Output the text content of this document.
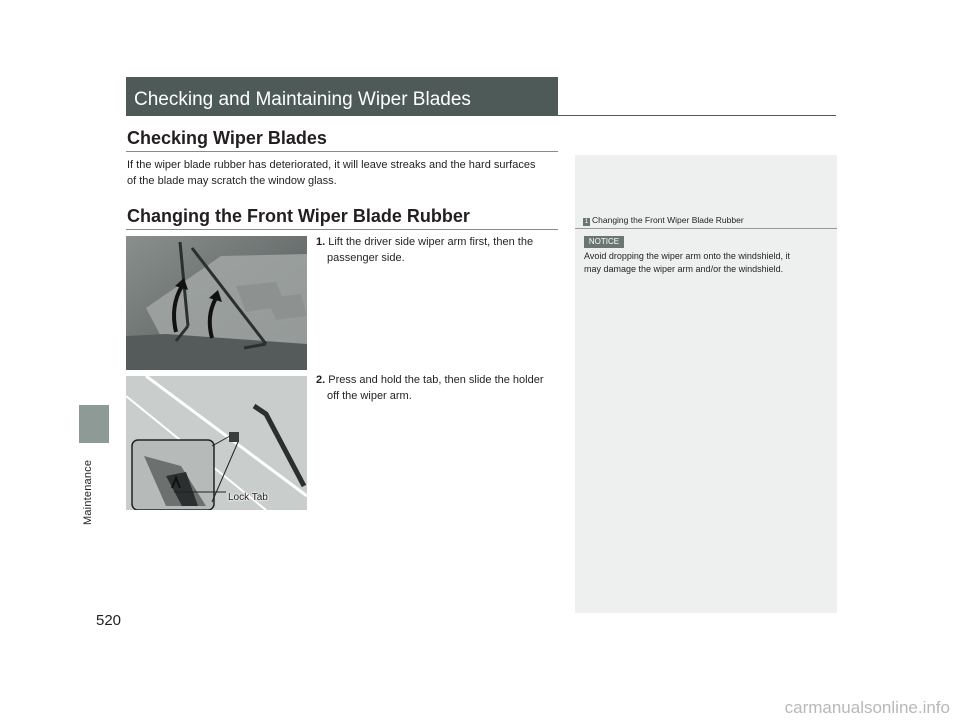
Maintenance
520
Checking and Maintaining Wiper Blades
Checking Wiper Blades
If the wiper blade rubber has deteriorated, it will leave streaks and the hard surfaces
of the blade may scratch the window glass.
Changing the Front Wiper Blade Rubber
1. Lift the driver side wiper arm first, then the
passenger side.
2. Press and hold the tab, then slide the holder
off the wiper arm.
Lock Tab
1 Changing the Front Wiper Blade Rubber
NOTICE
Avoid dropping the wiper arm onto the windshield, it
may damage the wiper arm and/or the windshield.
carmanualsonline.info
